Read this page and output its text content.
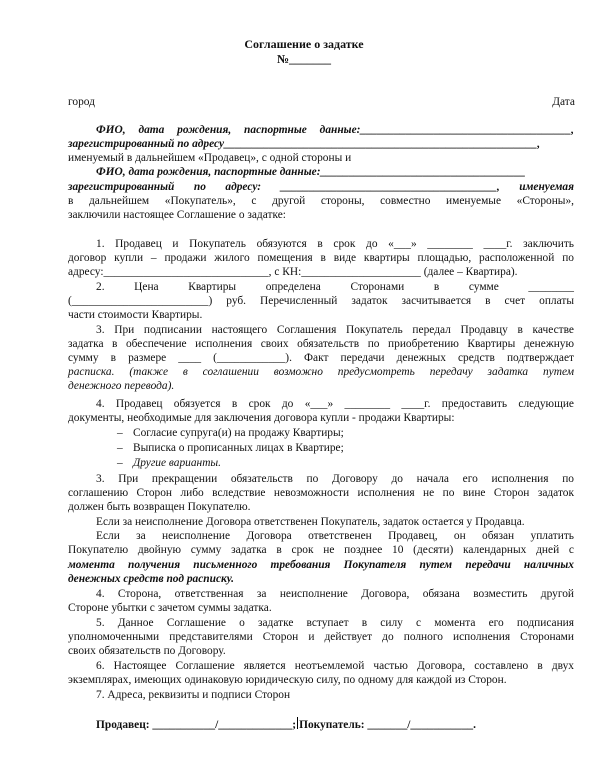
Соглашение о задатке
№_______
город	Дата
ФИО, дата рождения, паспортные данные:_____________________________________,
зарегистрированный по адресу_______________________________________________________,
именуемый в дальнейшем «Продавец», с одной стороны и
ФИО, дата рождения, паспортные данные:____________________________________
зарегистрированный по адресу: ______________________________________, именуемая
в дальнейшем «Покупатель», с другой стороны, совместно именуемые «Стороны»,
заключили настоящее Соглашение о задатке:
1. Продавец и Покупатель обязуются в срок до «___» ________ ____г. заключить
договор купли – продажи жилого помещения в виде квартиры площадью, расположенной по
адресу:_____________________________, с КН:_____________________ (далее – Квартира).
2. Цена Квартиры определена Сторонами в сумме ________
(________________________) руб. Перечисленный задаток засчитывается в счет оплаты
части стоимости Квартиры.
3. При подписании настоящего Соглашения Покупатель передал Продавцу в качестве
задатка в обеспечение исполнения своих обязательств по приобретению Квартиры денежную
сумму в размере ____ (____________). Факт передачи денежных средств подтверждает
расписка. (также в соглашении возможно предусмотреть передачу задатка путем
денежного перевода).
4. Продавец обязуется в срок до «___» ________ ____г. предоставить следующие
документы, необходимые для заключения договора купли - продажи Квартиры:
– Согласие супруга(и) на продажу Квартиры;
– Выписка о прописанных лицах в Квартире;
– Другие варианты.
3. При прекращении обязательств по Договору до начала его исполнения по
соглашению Сторон либо вследствие невозможности исполнения не по вине Сторон задаток
должен быть возвращен Покупателю.
Если за неисполнение Договора ответственен Покупатель, задаток остается у Продавца.
Если за неисполнение Договора ответственен Продавец, он обязан уплатить
Покупателю двойную сумму задатка в срок не позднее 10 (десяти) календарных дней с
момента получения письменного требования Покупателя путем передачи наличных
денежных средств под расписку.
4. Сторона, ответственная за неисполнение Договора, обязана возместить другой
Стороне убытки с зачетом суммы задатка.
5. Данное Соглашение о задатке вступает в силу с момента его подписания
уполномоченными представителями Сторон и действует до полного исполнения Сторонами
своих обязательств по Договору.
6. Настоящее Соглашение является неотъемлемой частью Договора, составлено в двух
экземплярах, имеющих одинаковую юридическую силу, по одному для каждой из Сторон.
7. Адреса, реквизиты и подписи Сторон
Продавец: ___________/_____________; Покупатель: _______/___________.
